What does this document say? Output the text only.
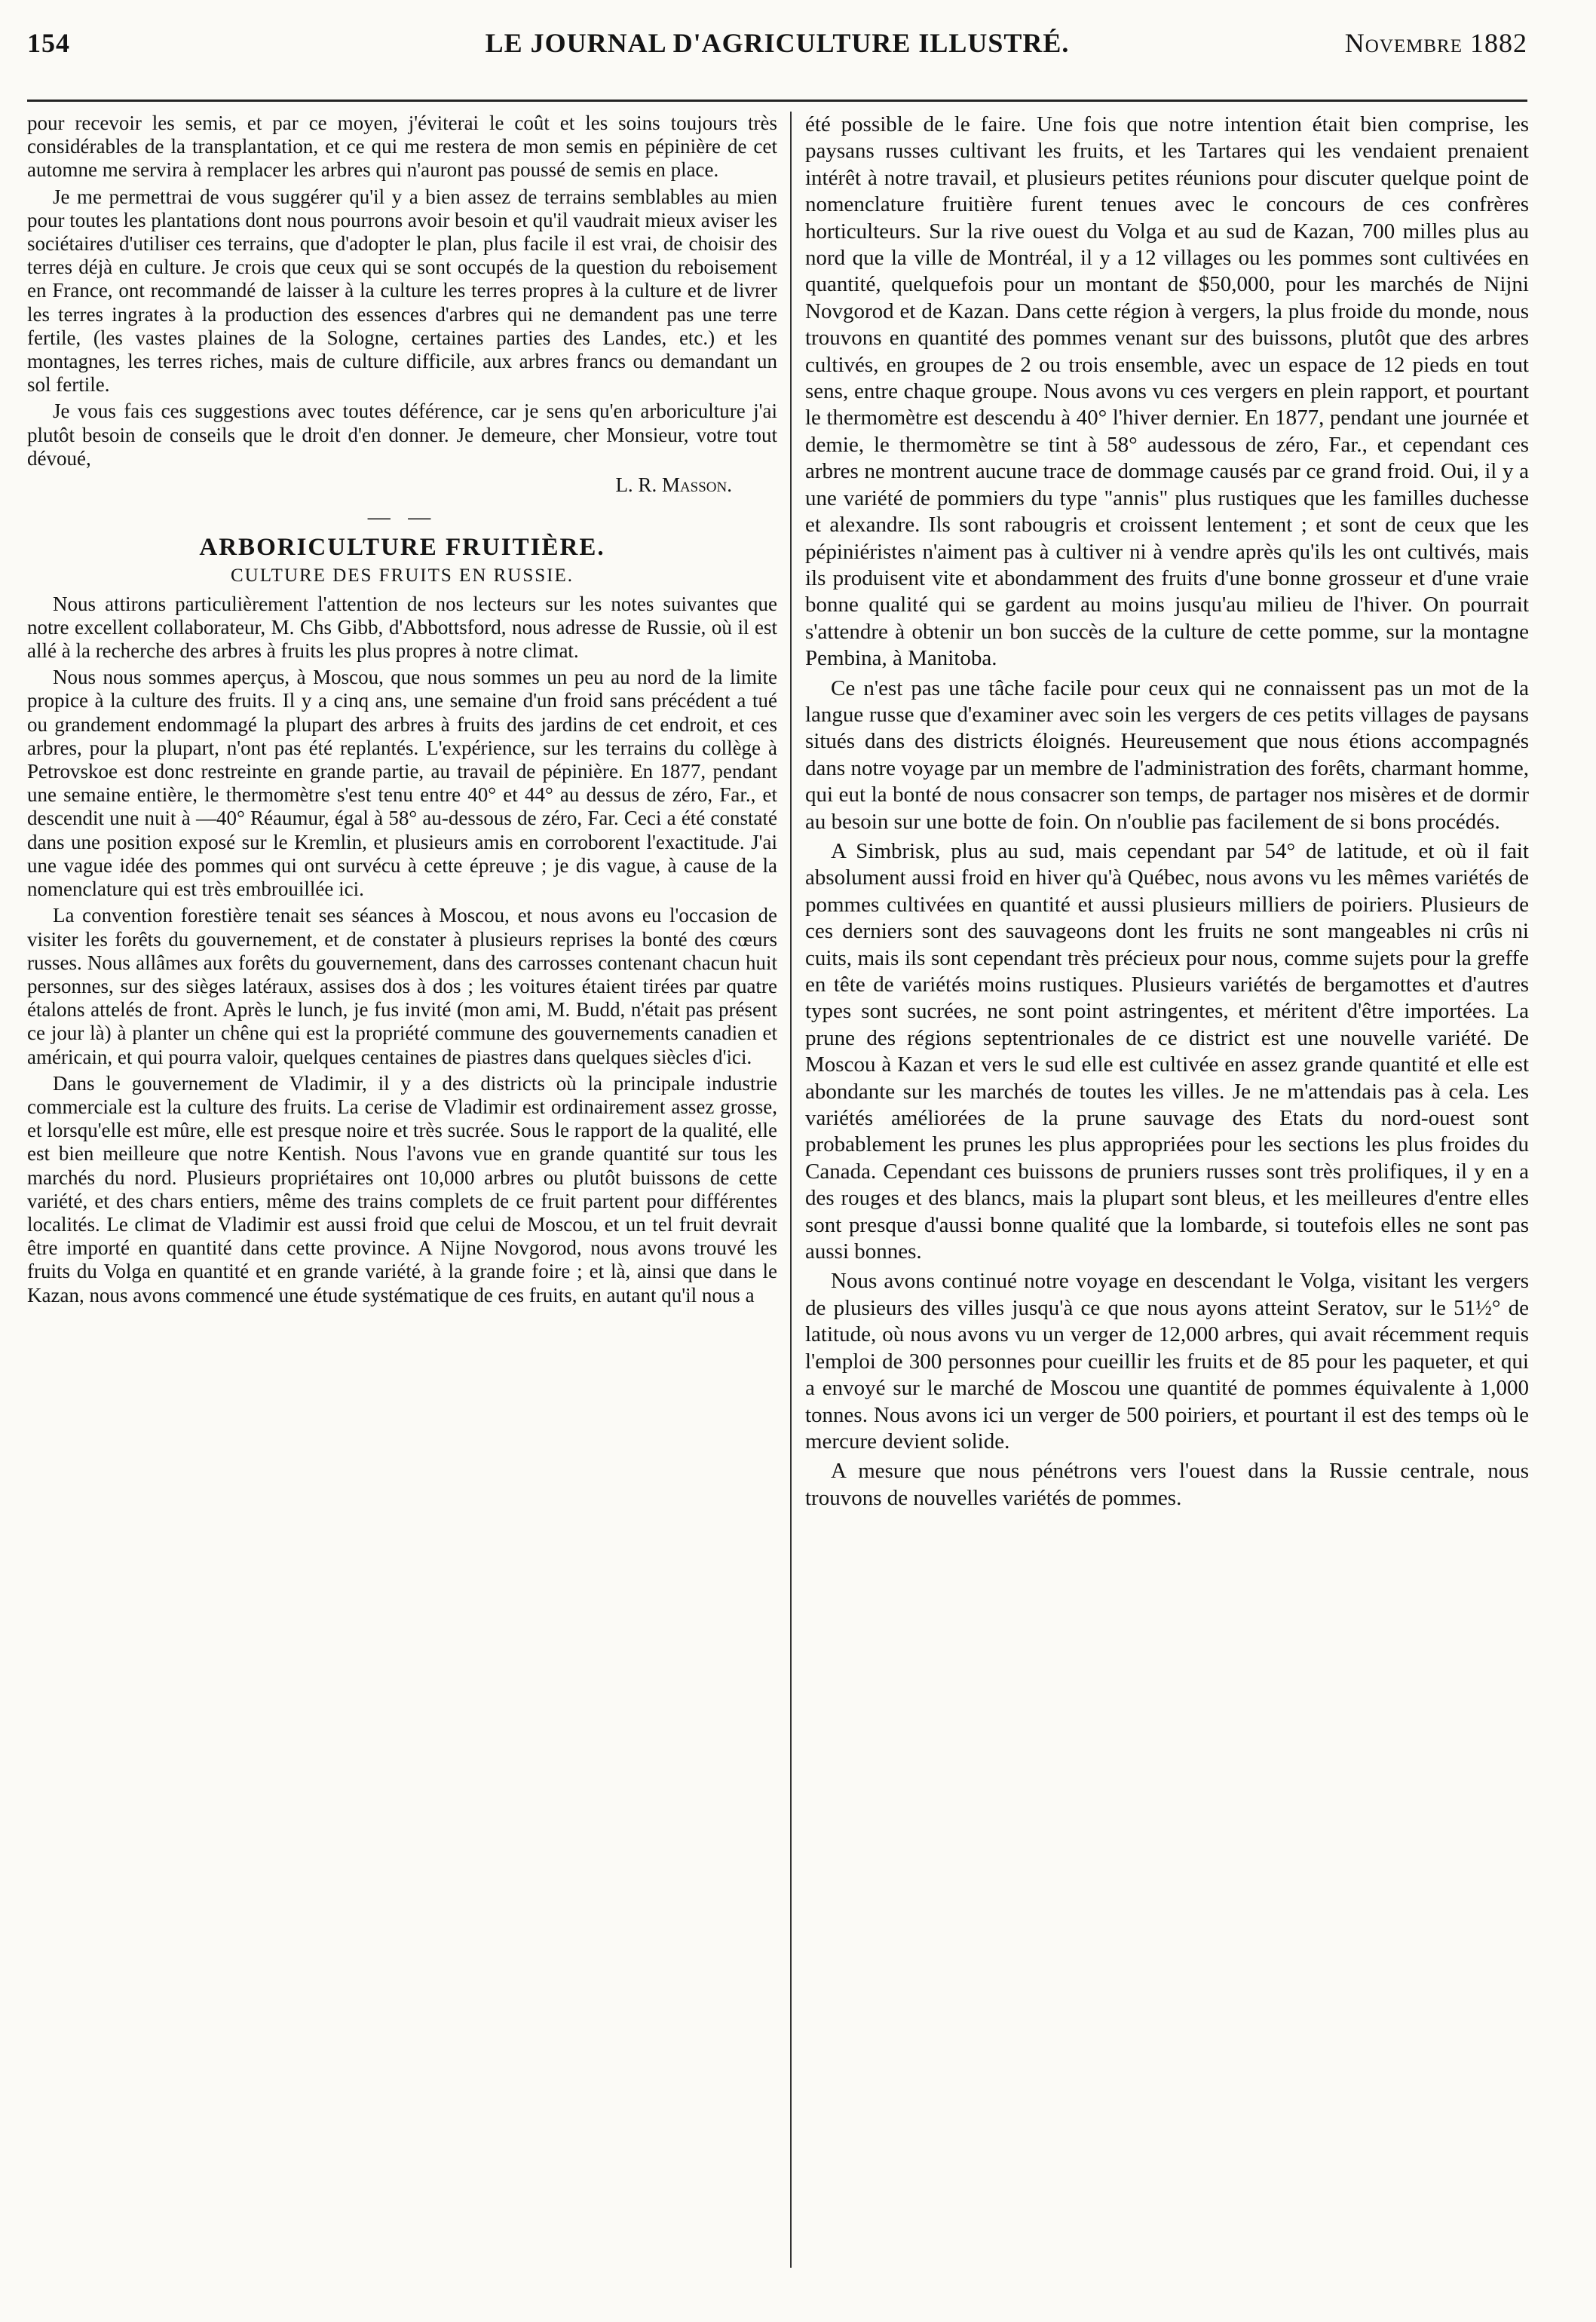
154	LE JOURNAL D'AGRICULTURE ILLUSTRÉ.	Novembre 1882

pour recevoir les semis, et par ce moyen, j'éviterai le coût et les soins toujours très considérables de la transplantation, et ce qui me restera de mon semis en pépinière de cet automne me servira à remplacer les arbres qui n'auront pas poussé de semis en place.

Je me permettrai de vous suggérer qu'il y a bien assez de terrains semblables au mien pour toutes les plantations dont nous pourrons avoir besoin et qu'il vaudrait mieux aviser les sociétaires d'utiliser ces terrains, que d'adopter le plan, plus facile il est vrai, de choisir des terres déjà en culture. Je crois que ceux qui se sont occupés de la question du reboisement en France, ont recommandé de laisser à la culture les terres propres à la culture et de livrer les terres ingrates à la production des essences d'arbres qui ne demandent pas une terre fertile, (les vastes plaines de la Sologne, certaines parties des Landes, etc.) et les montagnes, les terres riches, mais de culture difficile, aux arbres francs ou demandant un sol fertile.

Je vous fais ces suggestions avec toutes déférence, car je sens qu'en arboriculture j'ai plutôt besoin de conseils que le droit d'en donner. Je demeure, cher Monsieur, votre tout dévoué,

L. R. Masson.
— —
ARBORICULTURE FRUITIÈRE.
CULTURE DES FRUITS EN RUSSIE.

Nous attirons particulièrement l'attention de nos lecteurs sur les notes suivantes que notre excellent collaborateur, M. Chs Gibb, d'Abbottsford, nous adresse de Russie, où il est allé à la recherche des arbres à fruits les plus propres à notre climat.

Nous nous sommes aperçus, à Moscou, que nous sommes un peu au nord de la limite propice à la culture des fruits. Il y a cinq ans, une semaine d'un froid sans précédent a tué ou grandement endommagé la plupart des arbres à fruits des jardins de cet endroit, et ces arbres, pour la plupart, n'ont pas été replantés. L'expérience, sur les terrains du collège à Petrovskoe est donc restreinte en grande partie, au travail de pépinière. En 1877, pendant une semaine entière, le thermomètre s'est tenu entre 40° et 44° au dessus de zéro, Far., et descendit une nuit à —40° Réaumur, égal à 58° au-dessous de zéro, Far. Ceci a été constaté dans une position exposé sur le Kremlin, et plusieurs amis en corroborent l'exactitude. J'ai une vague idée des pommes qui ont survécu à cette épreuve ; je dis vague, à cause de la nomenclature qui est très embrouillée ici.

La convention forestière tenait ses séances à Moscou, et nous avons eu l'occasion de visiter les forêts du gouvernement, et de constater à plusieurs reprises la bonté des cœurs russes. Nous allâmes aux forêts du gouvernement, dans des carrosses contenant chacun huit personnes, sur des sièges latéraux, assises dos à dos ; les voitures étaient tirées par quatre étalons attelés de front. Après le lunch, je fus invité (mon ami, M. Budd, n'était pas présent ce jour là) à planter un chêne qui est la propriété commune des gouvernements canadien et américain, et qui pourra valoir, quelques centaines de piastres dans quelques siècles d'ici.

Dans le gouvernement de Vladimir, il y a des districts où la principale industrie commerciale est la culture des fruits. La cerise de Vladimir est ordinairement assez grosse, et lorsqu'elle est mûre, elle est presque noire et très sucrée. Sous le rapport de la qualité, elle est bien meilleure que notre Kentish. Nous l'avons vue en grande quantité sur tous les marchés du nord. Plusieurs propriétaires ont 10,000 arbres ou plutôt buissons de cette variété, et des chars entiers, même des trains complets de ce fruit partent pour différentes localités. Le climat de Vladimir est aussi froid que celui de Moscou, et un tel fruit devrait être importé en quantité dans cette province. A Nijne Novgorod, nous avons trouvé les fruits du Volga en quantité et en grande variété, à la grande foire ; et là, ainsi que dans le Kazan, nous avons commencé une étude systématique de ces fruits, en autant qu'il nous a

été possible de le faire. Une fois que notre intention était bien comprise, les paysans russes cultivant les fruits, et les Tartares qui les vendaient prenaient intérêt à notre travail, et plusieurs petites réunions pour discuter quelque point de nomenclature fruitière furent tenues avec le concours de ces confrères horticulteurs. Sur la rive ouest du Volga et au sud de Kazan, 700 milles plus au nord que la ville de Montréal, il y a 12 villages ou les pommes sont cultivées en quantité, quelquefois pour un montant de $50,000, pour les marchés de Nijni Novgorod et de Kazan. Dans cette région à vergers, la plus froide du monde, nous trouvons en quantité des pommes venant sur des buissons, plutôt que des arbres cultivés, en groupes de 2 ou trois ensemble, avec un espace de 12 pieds en tout sens, entre chaque groupe. Nous avons vu ces vergers en plein rapport, et pourtant le thermomètre est descendu à 40° l'hiver dernier. En 1877, pendant une journée et demie, le thermomètre se tint à 58° audessous de zéro, Far., et cependant ces arbres ne montrent aucune trace de dommage causés par ce grand froid. Oui, il y a une variété de pommiers du type "annis" plus rustiques que les familles duchesse et alexandre. Ils sont rabougris et croissent lentement ; et sont de ceux que les pépiniéristes n'aiment pas à cultiver ni à vendre après qu'ils les ont cultivés, mais ils produisent vite et abondamment des fruits d'une bonne grosseur et d'une vraie bonne qualité qui se gardent au moins jusqu'au milieu de l'hiver. On pourrait s'attendre à obtenir un bon succès de la culture de cette pomme, sur la montagne Pembina, à Manitoba.

Ce n'est pas une tâche facile pour ceux qui ne connaissent pas un mot de la langue russe que d'examiner avec soin les vergers de ces petits villages de paysans situés dans des districts éloignés. Heureusement que nous étions accompagnés dans notre voyage par un membre de l'administration des forêts, charmant homme, qui eut la bonté de nous consacrer son temps, de partager nos misères et de dormir au besoin sur une botte de foin. On n'oublie pas facilement de si bons procédés.

A Simbrisk, plus au sud, mais cependant par 54° de latitude, et où il fait absolument aussi froid en hiver qu'à Québec, nous avons vu les mêmes variétés de pommes cultivées en quantité et aussi plusieurs milliers de poiriers. Plusieurs de ces derniers sont des sauvageons dont les fruits ne sont mangeables ni crûs ni cuits, mais ils sont cependant très précieux pour nous, comme sujets pour la greffe en tête de variétés moins rustiques. Plusieurs variétés de bergamottes et d'autres types sont sucrées, ne sont point astringentes, et méritent d'être importées. La prune des régions septentrionales de ce district est une nouvelle variété. De Moscou à Kazan et vers le sud elle est cultivée en assez grande quantité et elle est abondante sur les marchés de toutes les villes. Je ne m'attendais pas à cela. Les variétés améliorées de la prune sauvage des Etats du nord-ouest sont probablement les prunes les plus appropriées pour les sections les plus froides du Canada. Cependant ces buissons de pruniers russes sont très prolifiques, il y en a des rouges et des blancs, mais la plupart sont bleus, et les meilleures d'entre elles sont presque d'aussi bonne qualité que la lombarde, si toutefois elles ne sont pas aussi bonnes.

Nous avons continué notre voyage en descendant le Volga, visitant les vergers de plusieurs des villes jusqu'à ce que nous ayons atteint Seratov, sur le 51½° de latitude, où nous avons vu un verger de 12,000 arbres, qui avait récemment requis l'emploi de 300 personnes pour cueillir les fruits et de 85 pour les paqueter, et qui a envoyé sur le marché de Moscou une quantité de pommes équivalente à 1,000 tonnes. Nous avons ici un verger de 500 poiriers, et pourtant il est des temps où le mercure devient solide.

A mesure que nous pénétrons vers l'ouest dans la Russie centrale, nous trouvons de nouvelles variétés de pommes.
